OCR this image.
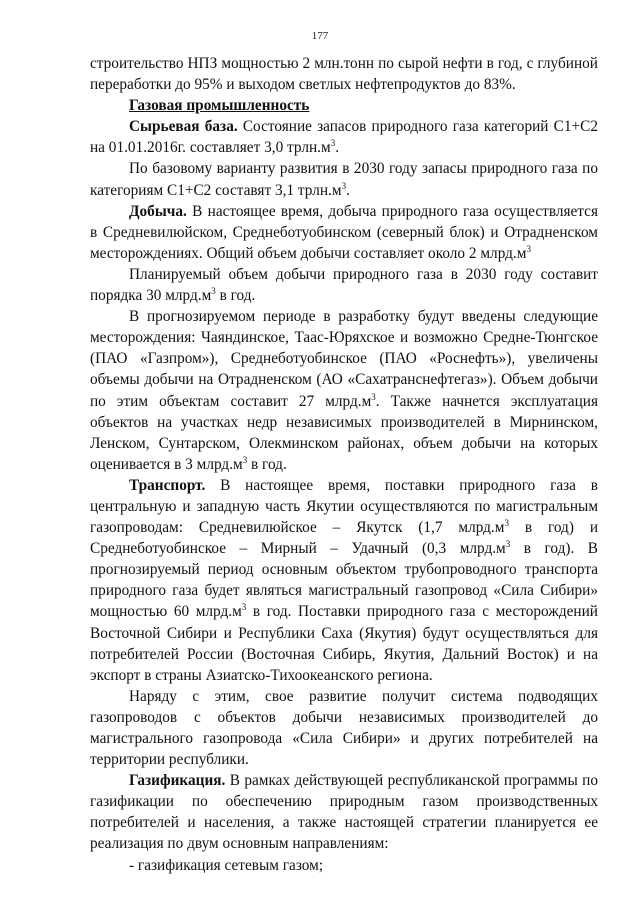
177

строительство НПЗ мощностью 2 млн.тонн по сырой нефти в год, с глубиной переработки до 95% и выходом светлых нефтепродуктов до 83%.

Газовая промышленность

Сырьевая база. Состояние запасов природного газа категорий С1+С2 на 01.01.2016г. составляет 3,0 $трлн.м^3$.

По базовому варианту развития в 2030 году запасы природного газа по категориям С1+С2 составят 3,1 $трлн.м^3$.

Добыча. В настоящее время, добыча природного газа осуществляется в Средневилюйском, Среднеботуобинском (северный блок) и Отрадненском месторождениях. Общий объем добычи составляет около 2 $млрд.м^3$

Планируемый объем добычи природного газа в 2030 году составит порядка 30 $млрд.м^3$ в год.

В прогнозируемом периоде в разработку будут введены следующие месторождения: Чаяндинское, Таас-Юряхское и возможно Средне-Тюнгское (ПАО «Газпром»), Среднеботуобинское (ПАО «Роснефть»), увеличены объемы добычи на Отрадненском (АО «Сахатранснефтегаз»). Объем добычи по этим объектам составит 27 $млрд.м^3$. Также начнется эксплуатация объектов на участках недр независимых производителей в Мирнинском, Ленском, Сунтарском, Олекминском районах, объем добычи на которых оценивается в 3 $млрд.м^3$ в год.

Транспорт. В настоящее время, поставки природного газа в центральную и западную часть Якутии осуществляются по магистральным газопроводам: Средневилюйское – Якутск (1,7 $млрд.м^3$ в год) и Среднеботуобинское – Мирный – Удачный (0,3 $млрд.м^3$ в год). В прогнозируемый период основным объектом трубопроводного транспорта природного газа будет являться магистральный газопровод «Сила Сибири» мощностью 60 $млрд.м^3$ в год. Поставки природного газа с месторождений Восточной Сибири и Республики Саха (Якутия) будут осуществляться для потребителей России (Восточная Сибирь, Якутия, Дальний Восток) и на экспорт в страны Азиатско-Тихоокеанского региона.

Наряду с этим, свое развитие получит система подводящих газопроводов с объектов добычи независимых производителей до магистрального газопровода «Сила Сибири» и других потребителей на территории республики.

Газификация. В рамках действующей республиканской программы по газификации по обеспечению природным газом производственных потребителей и населения, а также настоящей стратегии планируется ее реализация по двум основным направлениям:

- газификация сетевым газом;
